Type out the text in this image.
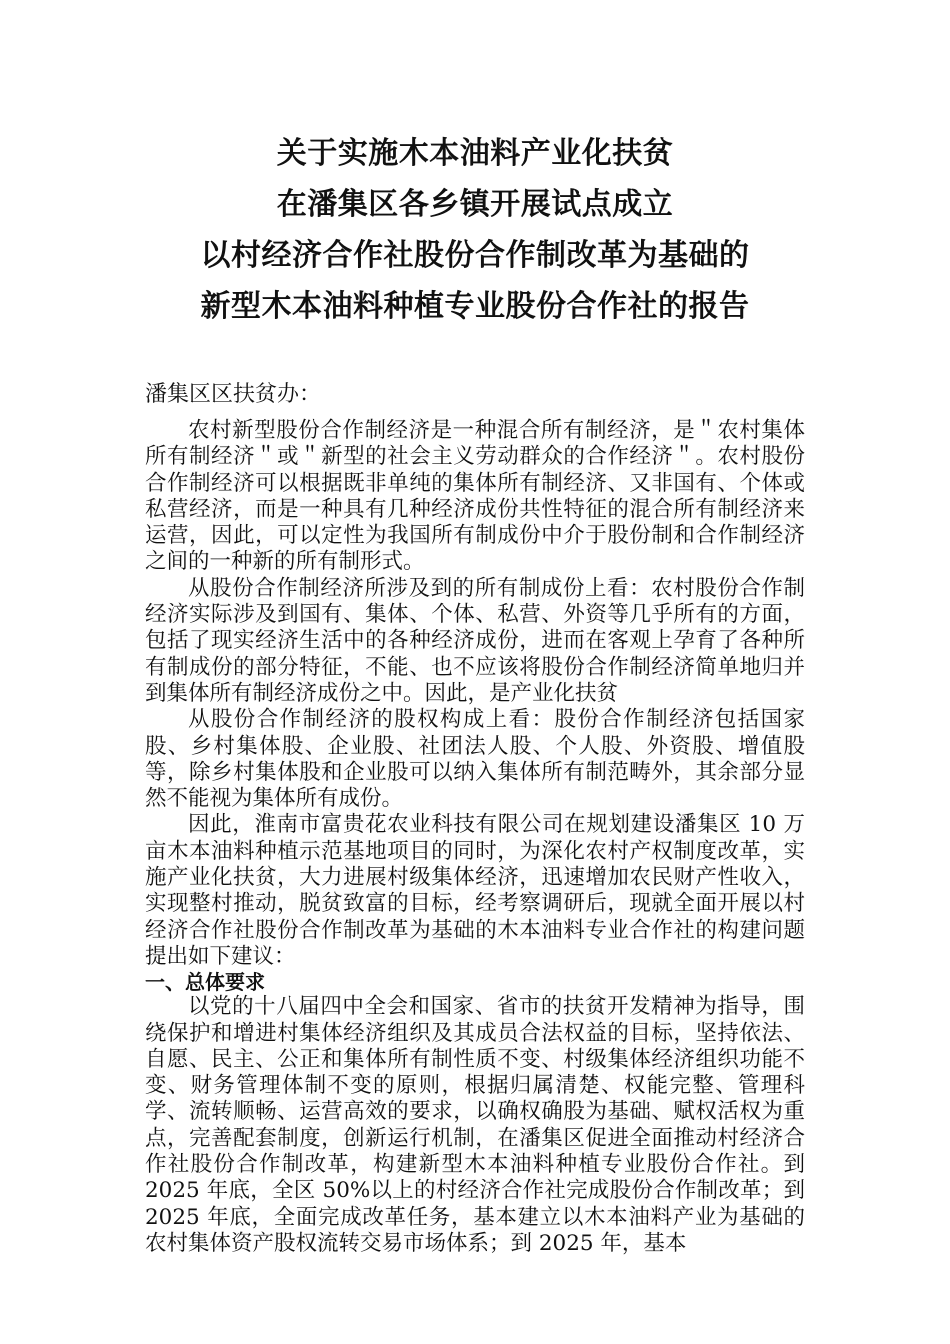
关于实施木本油料产业化扶贫
在潘集区各乡镇开展试点成立
以村经济合作社股份合作制改革为基础的
新型木本油料种植专业股份合作社的报告

潘集区区扶贫办：

农村新型股份合作制经济是一种混合所有制经济，是＂农村集体所有制经济＂或＂新型的社会主义劳动群众的合作经济＂。农村股份合作制经济可以根据既非单纯的集体所有制经济、又非国有、个体或私营经济，而是一种具有几种经济成份共性特征的混合所有制经济来运营，因此，可以定性为我国所有制成份中介于股份制和合作制经济之间的一种新的所有制形式。

从股份合作制经济所涉及到的所有制成份上看：农村股份合作制经济实际涉及到国有、集体、个体、私营、外资等几乎所有的方面，包括了现实经济生活中的各种经济成份，进而在客观上孕育了各种所有制成份的部分特征，不能、也不应该将股份合作制经济简单地归并到集体所有制经济成份之中。因此，是产业化扶贫

从股份合作制经济的股权构成上看：股份合作制经济包括国家股、乡村集体股、企业股、社团法人股、个人股、外资股、增值股等，除乡村集体股和企业股可以纳入集体所有制范畴外，其余部分显然不能视为集体所有成份。

因此，淮南市富贵花农业科技有限公司在规划建设潘集区 10 万亩木本油料种植示范基地项目的同时，为深化农村产权制度改革，实施产业化扶贫，大力进展村级集体经济，迅速增加农民财产性收入，实现整村推动，脱贫致富的目标，经考察调研后，现就全面开展以村经济合作社股份合作制改革为基础的木本油料专业合作社的构建问题提出如下建议：

一、总体要求

以党的十八届四中全会和国家、省市的扶贫开发精神为指导，围绕保护和增进村集体经济组织及其成员合法权益的目标，坚持依法、自愿、民主、公正和集体所有制性质不变、村级集体经济组织功能不变、财务管理体制不变的原则，根据归属清楚、权能完整、管理科学、流转顺畅、运营高效的要求，以确权确股为基础、赋权活权为重点，完善配套制度，创新运行机制，在潘集区促进全面推动村经济合作社股份合作制改革，构建新型木本油料种植专业股份合作社。到 2025 年底，全区 50%以上的村经济合作社完成股份合作制改革；到 2025 年底，全面完成改革任务，基本建立以木本油料产业为基础的农村集体资产股权流转交易市场体系；到 2025 年，基本
